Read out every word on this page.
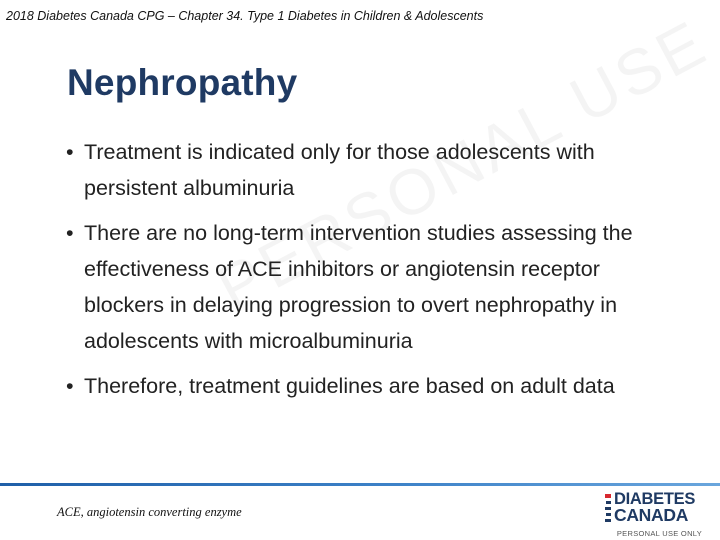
2018 Diabetes Canada CPG – Chapter 34. Type 1 Diabetes in Children & Adolescents
Nephropathy
• Treatment is indicated only for those adolescents with persistent albuminuria
• There are no long-term intervention studies assessing the effectiveness of ACE inhibitors or angiotensin receptor blockers in delaying progression to overt nephropathy in adolescents with microalbuminuria
• Therefore, treatment guidelines are based on adult data
ACE, angiotensin converting enzyme
DIABETES
CANADA
PERSONAL USE ONLY
